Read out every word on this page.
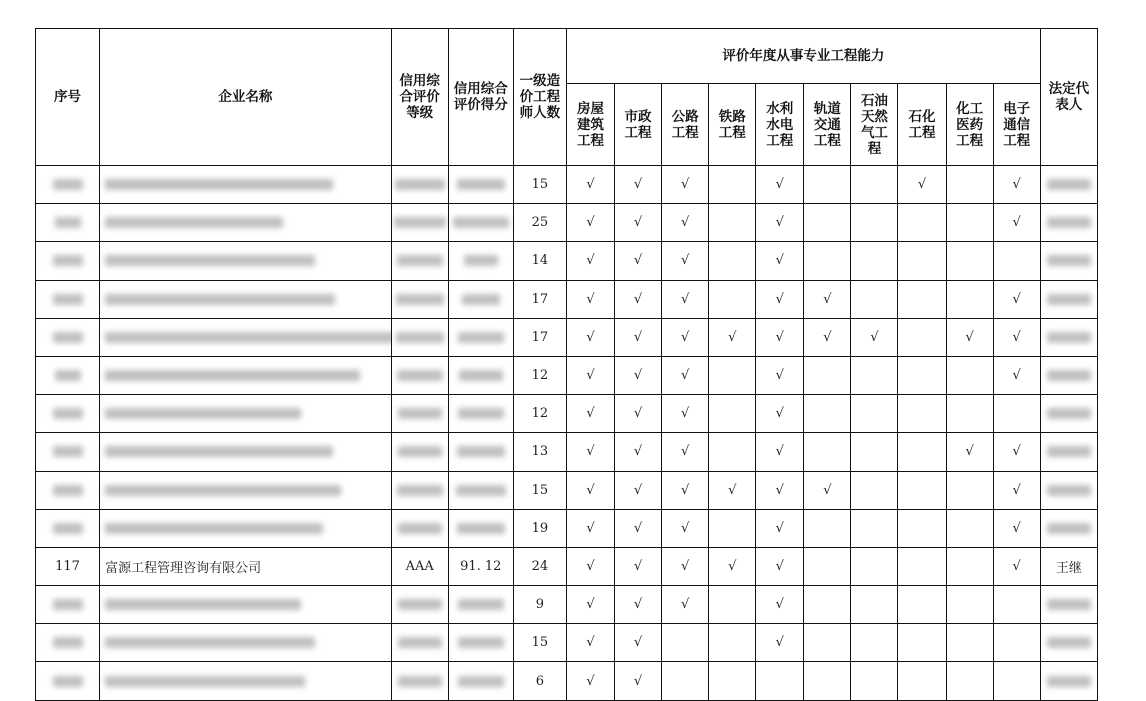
序号	企业名称	信用综合评价等级	信用综合评价得分	一级造价工程师人数	评价年度从事专业工程能力										法定代表人

					房屋建筑工程	市政工程	公路工程	铁路工程	水利水电工程	轨道交通工程	石油天然气工程	石化工程	化工医药工程	电子通信工程	

				15	√	√	√		√			√		√	
				25	√	√	√		√					√	
				14	√	√	√		√						
				17	√	√	√		√	√				√	
				17	√	√	√	√	√	√	√		√	√	
				12	√	√	√		√					√	
				12	√	√	√		√						
				13	√	√	√		√				√	√	
				15	√	√	√	√	√	√				√	
				19	√	√	√		√					√	
117	富源工程管理咨询有限公司	AAA	91. 12	24	√	√	√	√	√					√	王继
				9	√	√	√		√						
				15	√	√			√						
				6	√	√									
